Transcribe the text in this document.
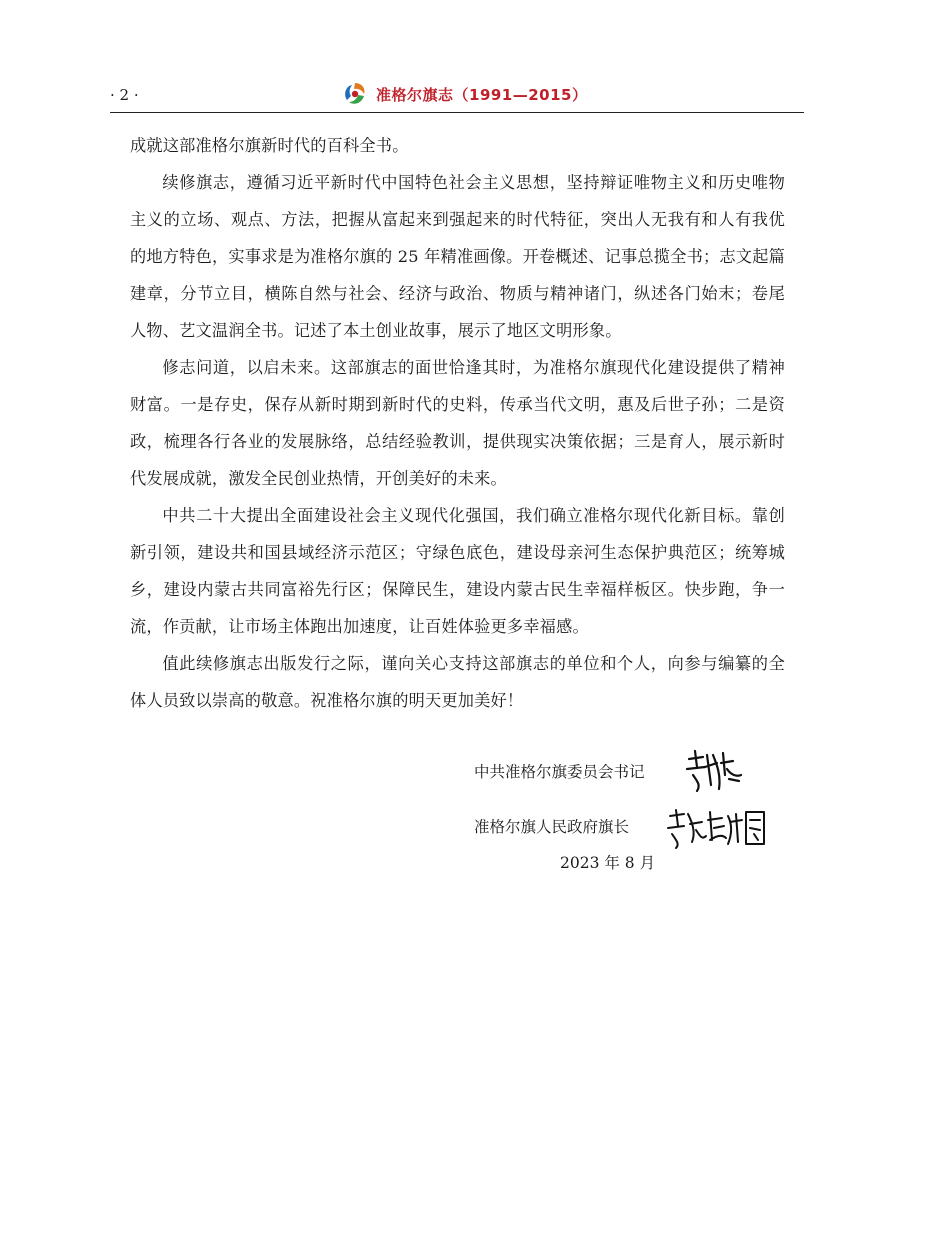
· 2 ·	准格尔旗志（1991—2015）

成就这部准格尔旗新时代的百科全书。

续修旗志，遵循习近平新时代中国特色社会主义思想，坚持辩证唯物主义和历史唯物主义的立场、观点、方法，把握从富起来到强起来的时代特征，突出人无我有和人有我优的地方特色，实事求是为准格尔旗的 25 年精准画像。开卷概述、记事总揽全书；志文起篇建章，分节立目，横陈自然与社会、经济与政治、物质与精神诸门，纵述各门始末；卷尾人物、艺文温润全书。记述了本土创业故事，展示了地区文明形象。

修志问道，以启未来。这部旗志的面世恰逢其时，为准格尔旗现代化建设提供了精神财富。一是存史，保存从新时期到新时代的史料，传承当代文明，惠及后世子孙；二是资政，梳理各行各业的发展脉络，总结经验教训，提供现实决策依据；三是育人，展示新时代发展成就，激发全民创业热情，开创美好的未来。

中共二十大提出全面建设社会主义现代化强国，我们确立准格尔现代化新目标。靠创新引领，建设共和国县域经济示范区；守绿色底色，建设母亲河生态保护典范区；统筹城乡，建设内蒙古共同富裕先行区；保障民生，建设内蒙古民生幸福样板区。快步跑，争一流，作贡献，让市场主体跑出加速度，让百姓体验更多幸福感。

值此续修旗志出版发行之际，谨向关心支持这部旗志的单位和个人，向参与编纂的全体人员致以崇高的敬意。祝准格尔旗的明天更加美好！

中共准格尔旗委员会书记
准格尔旗人民政府旗长
2023 年 8 月
